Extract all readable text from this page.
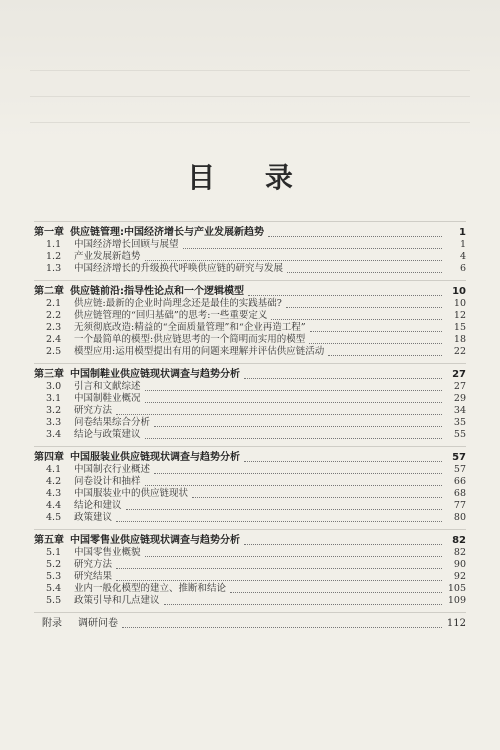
目 录
第一章 供应链管理:中国经济增长与产业发展新趋势	1
1.1	中国经济增长回顾与展望	1
1.2	产业发展新趋势	4
1.3	中国经济增长的升级换代呼唤供应链的研究与发展	6
第二章 供应链前沿:指导性论点和一个逻辑模型	10
2.1	供应链:最新的企业时尚理念还是最佳的实践基础?	10
2.2	供应链管理的“回归基础”的思考:一些重要定义	12
2.3	无须彻底改造:精益的“全面质量管理”和“企业再造工程”	15
2.4	一个最简单的模型:供应链思考的一个简明而实用的模型	18
2.5	模型应用:运用模型提出有用的问题来理解并评估供应链活动	22
第三章 中国制鞋业供应链现状调查与趋势分析	27
3.0	引言和文献综述	27
3.1	中国制鞋业概况	29
3.2	研究方法	34
3.3	问卷结果综合分析	35
3.4	结论与政策建议	55
第四章 中国服装业供应链现状调查与趋势分析	57
4.1	中国制衣行业概述	57
4.2	问卷设计和抽样	66
4.3	中国服装业中的供应链现状	68
4.4	结论和建议	77
4.5	政策建议	80
第五章 中国零售业供应链现状调查与趋势分析	82
5.1	中国零售业概貌	82
5.2	研究方法	90
5.3	研究结果	92
5.4	业内一般化模型的建立、推断和结论	105
5.5	政策引导和几点建议	109
附录	调研问卷	112
